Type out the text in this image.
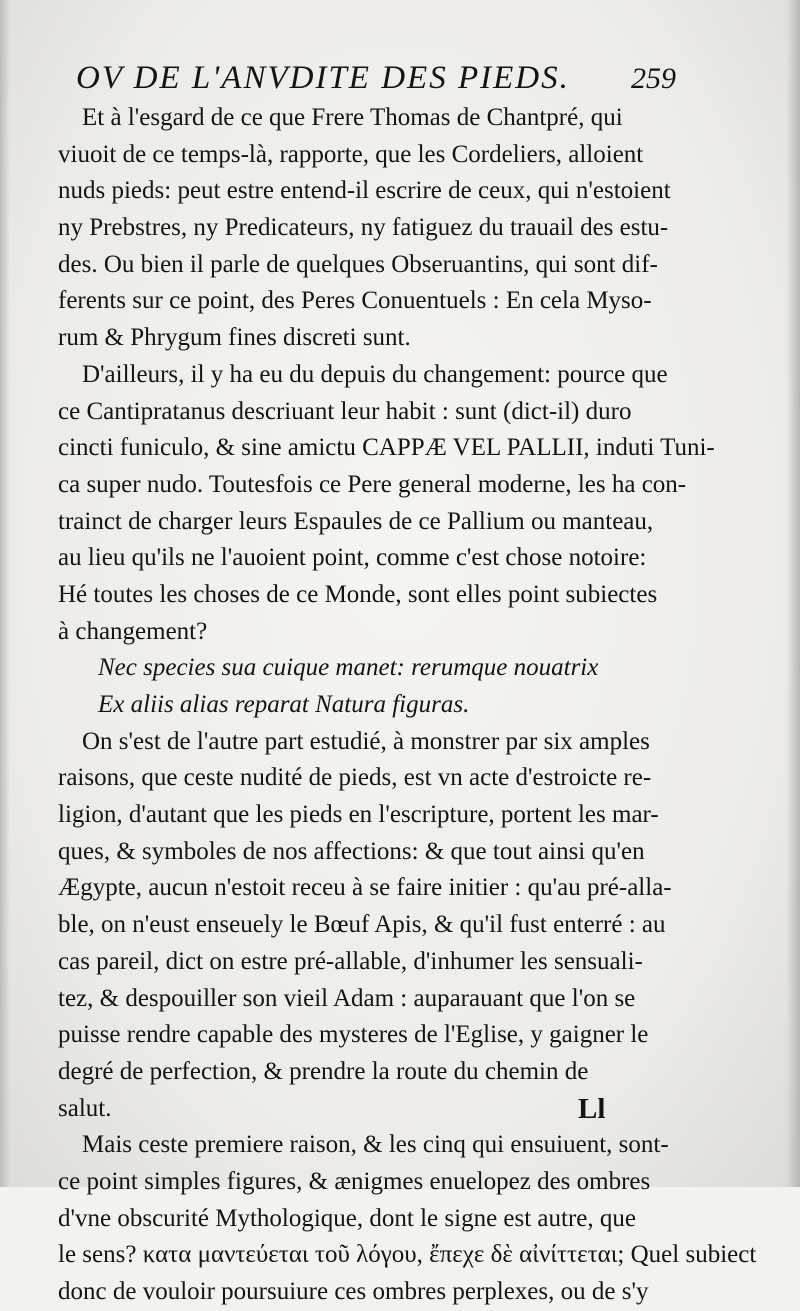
OV DE L'ANVDITE DES PIEDS. 259
Et à l'esgard de ce que Frere Thomas de Chantpré, qui
viuoit de ce temps-là, rapporte, que les Cordeliers, alloient
nuds pieds: peut estre entend-il escrire de ceux, qui n'estoient
ny Prebstres, ny Predicateurs, ny fatiguez du trauail des estu-
des. Ou bien il parle de quelques Obseruantins, qui sont dif-
ferents sur ce point, des Peres Conuentuels : En cela Myso-
rum & Phrygum fines discreti sunt.
D'ailleurs, il y ha eu du depuis du changement: pource que
ce Cantipratanus descriuant leur habit : sunt (dict-il) duro
cincti funiculo, & sine amictu CAPPÆ VEL PALLII, induti Tuni-
ca super nudo. Toutesfois ce Pere general moderne, les ha con-
trainct de charger leurs Espaules de ce Pallium ou manteau,
au lieu qu'ils ne l'auoient point, comme c'est chose notoire:
Hé toutes les choses de ce Monde, sont elles point subiectes
à changement?
Nec species sua cuique manet: rerumque nouatrix
Ex aliis alias reparat Natura figuras.
On s'est de l'autre part estudié, à monstrer par six amples
raisons, que ceste nudité de pieds, est vn acte d'estroicte re-
ligion, d'autant que les pieds en l'escripture, portent les mar-
ques, & symboles de nos affections: & que tout ainsi qu'en
Ægypte, aucun n'estoit receu à se faire initier : qu'au pré-alla-
ble, on n'eust enseuely le Bœuf Apis, & qu'il fust enterré : au
cas pareil, dict on estre pré-allable, d'inhumer les sensuali-
tez, & despouiller son vieil Adam : auparauant que l'on se
puisse rendre capable des mysteres de l'Eglise, y gaigner le
degré de perfection, & prendre la route du chemin de
salut.
Mais ceste premiere raison, & les cinq qui ensuiuent, sont-
ce point simples figures, & ænigmes enuelopez des ombres
d'vne obscurité Mythologique, dont le signe est autre, que
le sens? κατα μαντεύεται τοῦ λόγου, ἔπεχε δὲ αἰνίττεται; Quel subiect
donc de vouloir poursuiure ces ombres perplexes, ou de s'y
Ll
